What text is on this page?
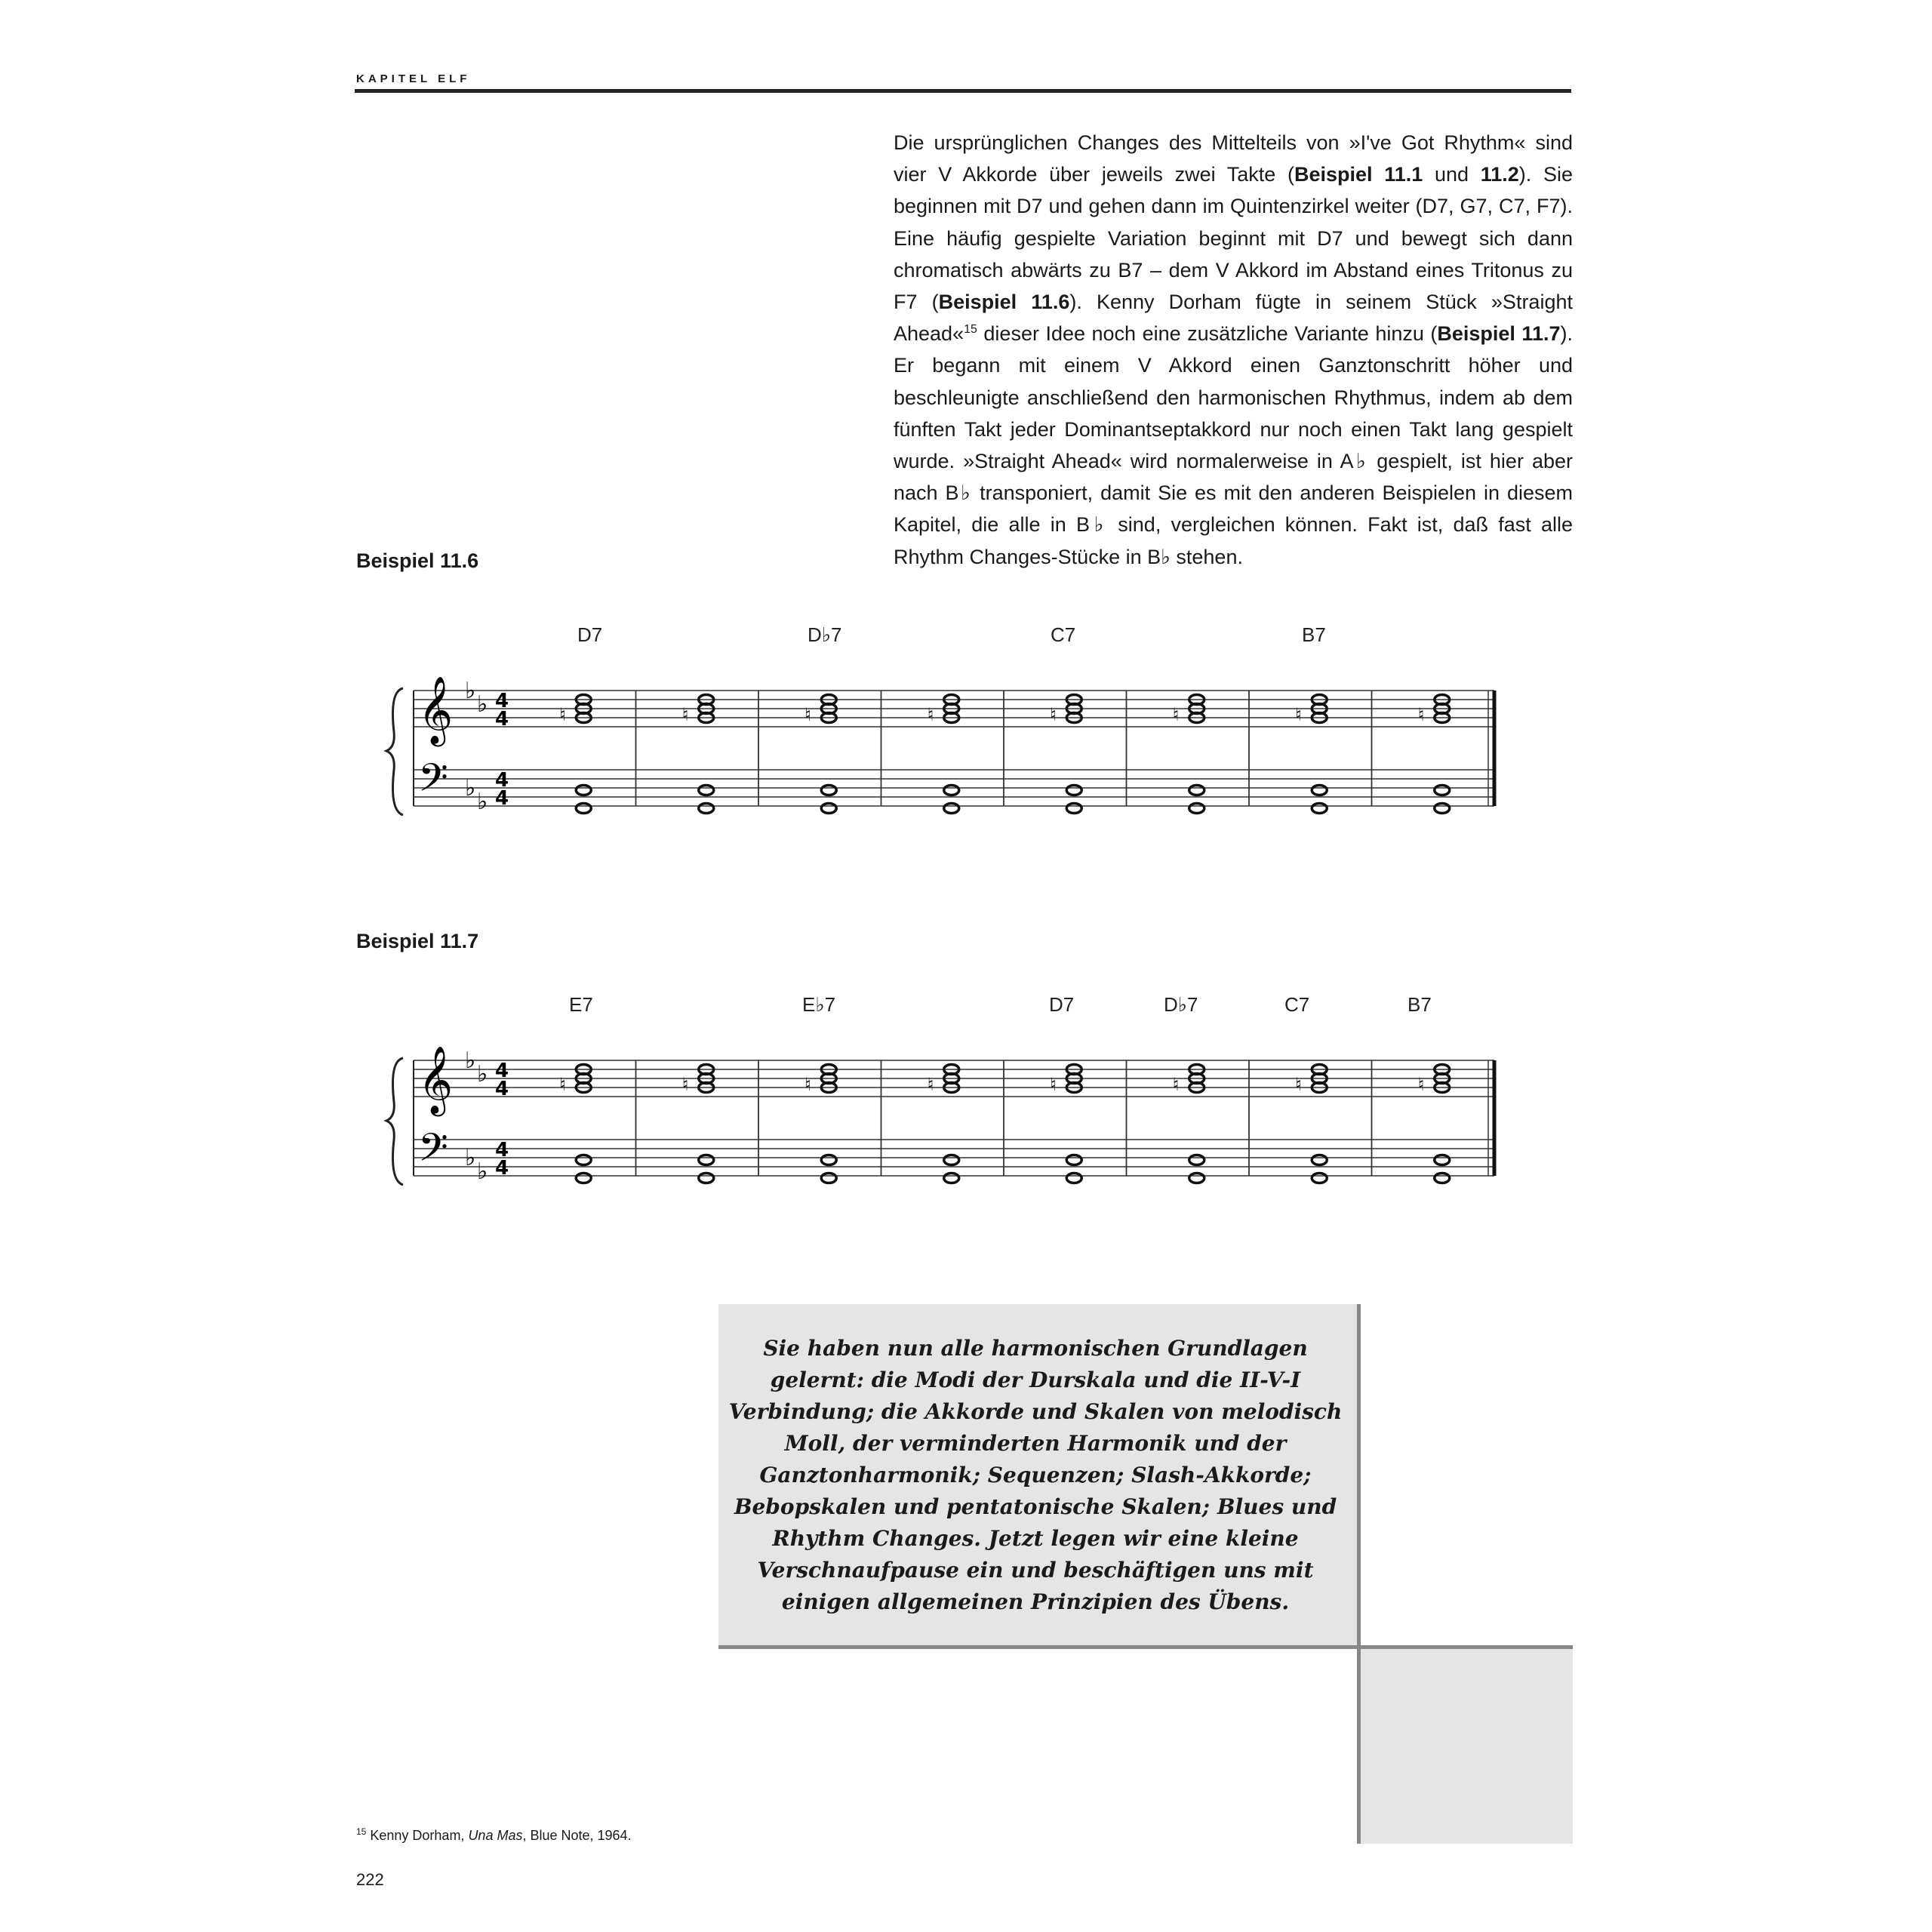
KAPITEL ELF

Die ursprünglichen Changes des Mittelteils von »I've Got Rhythm« sind vier V Akkorde über jeweils zwei Takte (Beispiel 11.1 und 11.2). Sie beginnen mit D7 und gehen dann im Quintenzirkel weiter (D7, G7, C7, F7). Eine häufig gespielte Variation beginnt mit D7 und bewegt sich dann chromatisch abwärts zu B7 – dem V Akkord im Abstand eines Tritonus zu F7 (Beispiel 11.6). Kenny Dorham fügte in seinem Stück »Straight Ahead«$^{15}$ dieser Idee noch eine zusätzliche Variante hinzu (Beispiel 11.7). Er begann mit einem V Akkord einen Ganztonschritt höher und beschleunigte anschließend den harmonischen Rhythmus, indem ab dem fünften Takt jeder Dominantseptakkord nur noch einen Takt lang gespielt wurde. »Straight Ahead« wird normalerweise in A♭ gespielt, ist hier aber nach B♭ transponiert, damit Sie es mit den anderen Beispielen in diesem Kapitel, die alle in B♭ sind, vergleichen können. Fakt ist, daß fast alle Rhythm Changes-Stücke in B♭ stehen.

Beispiel 11.6
𝄞
𝄢
♭
♭
♭
♭
4
4
4
4
♮	♮	♮	♮	♮	♮	♮	♮
D7	D♭7	C7	B7
Beispiel 11.7
𝄞
𝄢
♭
♭
♭
♭
4
4
4
4
♮	♮	♮	♮	♮	♮	♮	♮
E7	E♭7	D7	D♭7	C7	B7

Sie haben nun alle harmonischen Grundlagen gelernt: die Modi der Durskala und die II-V-I Verbindung; die Akkorde und Skalen von melodisch Moll, der verminderten Harmonik und der Ganztonharmonik; Sequenzen; Slash-Akkorde; Bebopskalen und pentatonische Skalen; Blues und Rhythm Changes. Jetzt legen wir eine kleine Verschnaufpause ein und beschäftigen uns mit einigen allgemeinen Prinzipien des Übens.

$^{15}$ Kenny Dorham, Una Mas, Blue Note, 1964.
222
